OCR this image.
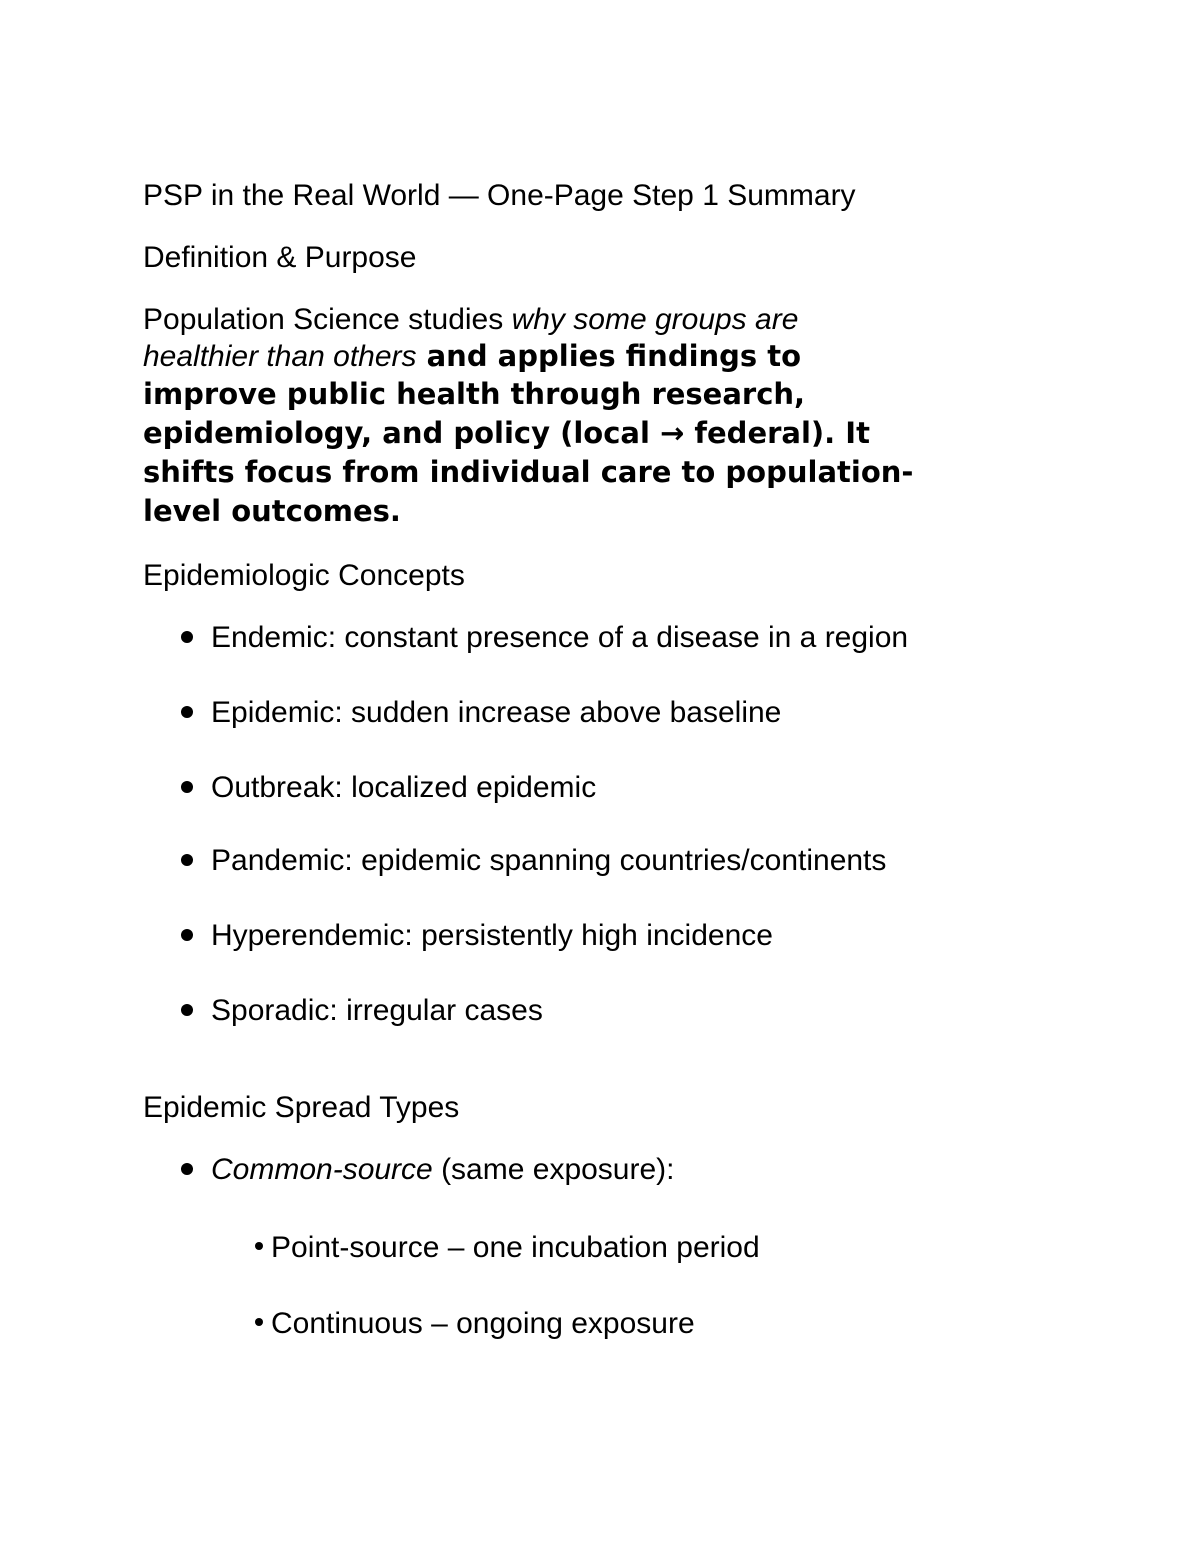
PSP in the Real World — One-Page Step 1 Summary
Definition & Purpose
Population Science studies why some groups are
healthier than others and applies findings to
improve public health through research,
epidemiology, and policy (local → federal). It
shifts focus from individual care to population-
level outcomes.
Epidemiologic Concepts
Endemic: constant presence of a disease in a region
Epidemic: sudden increase above baseline
Outbreak: localized epidemic
Pandemic: epidemic spanning countries/continents
Hyperendemic: persistently high incidence
Sporadic: irregular cases
Epidemic Spread Types
Common-source (same exposure):
Point-source – one incubation period
Continuous – ongoing exposure
